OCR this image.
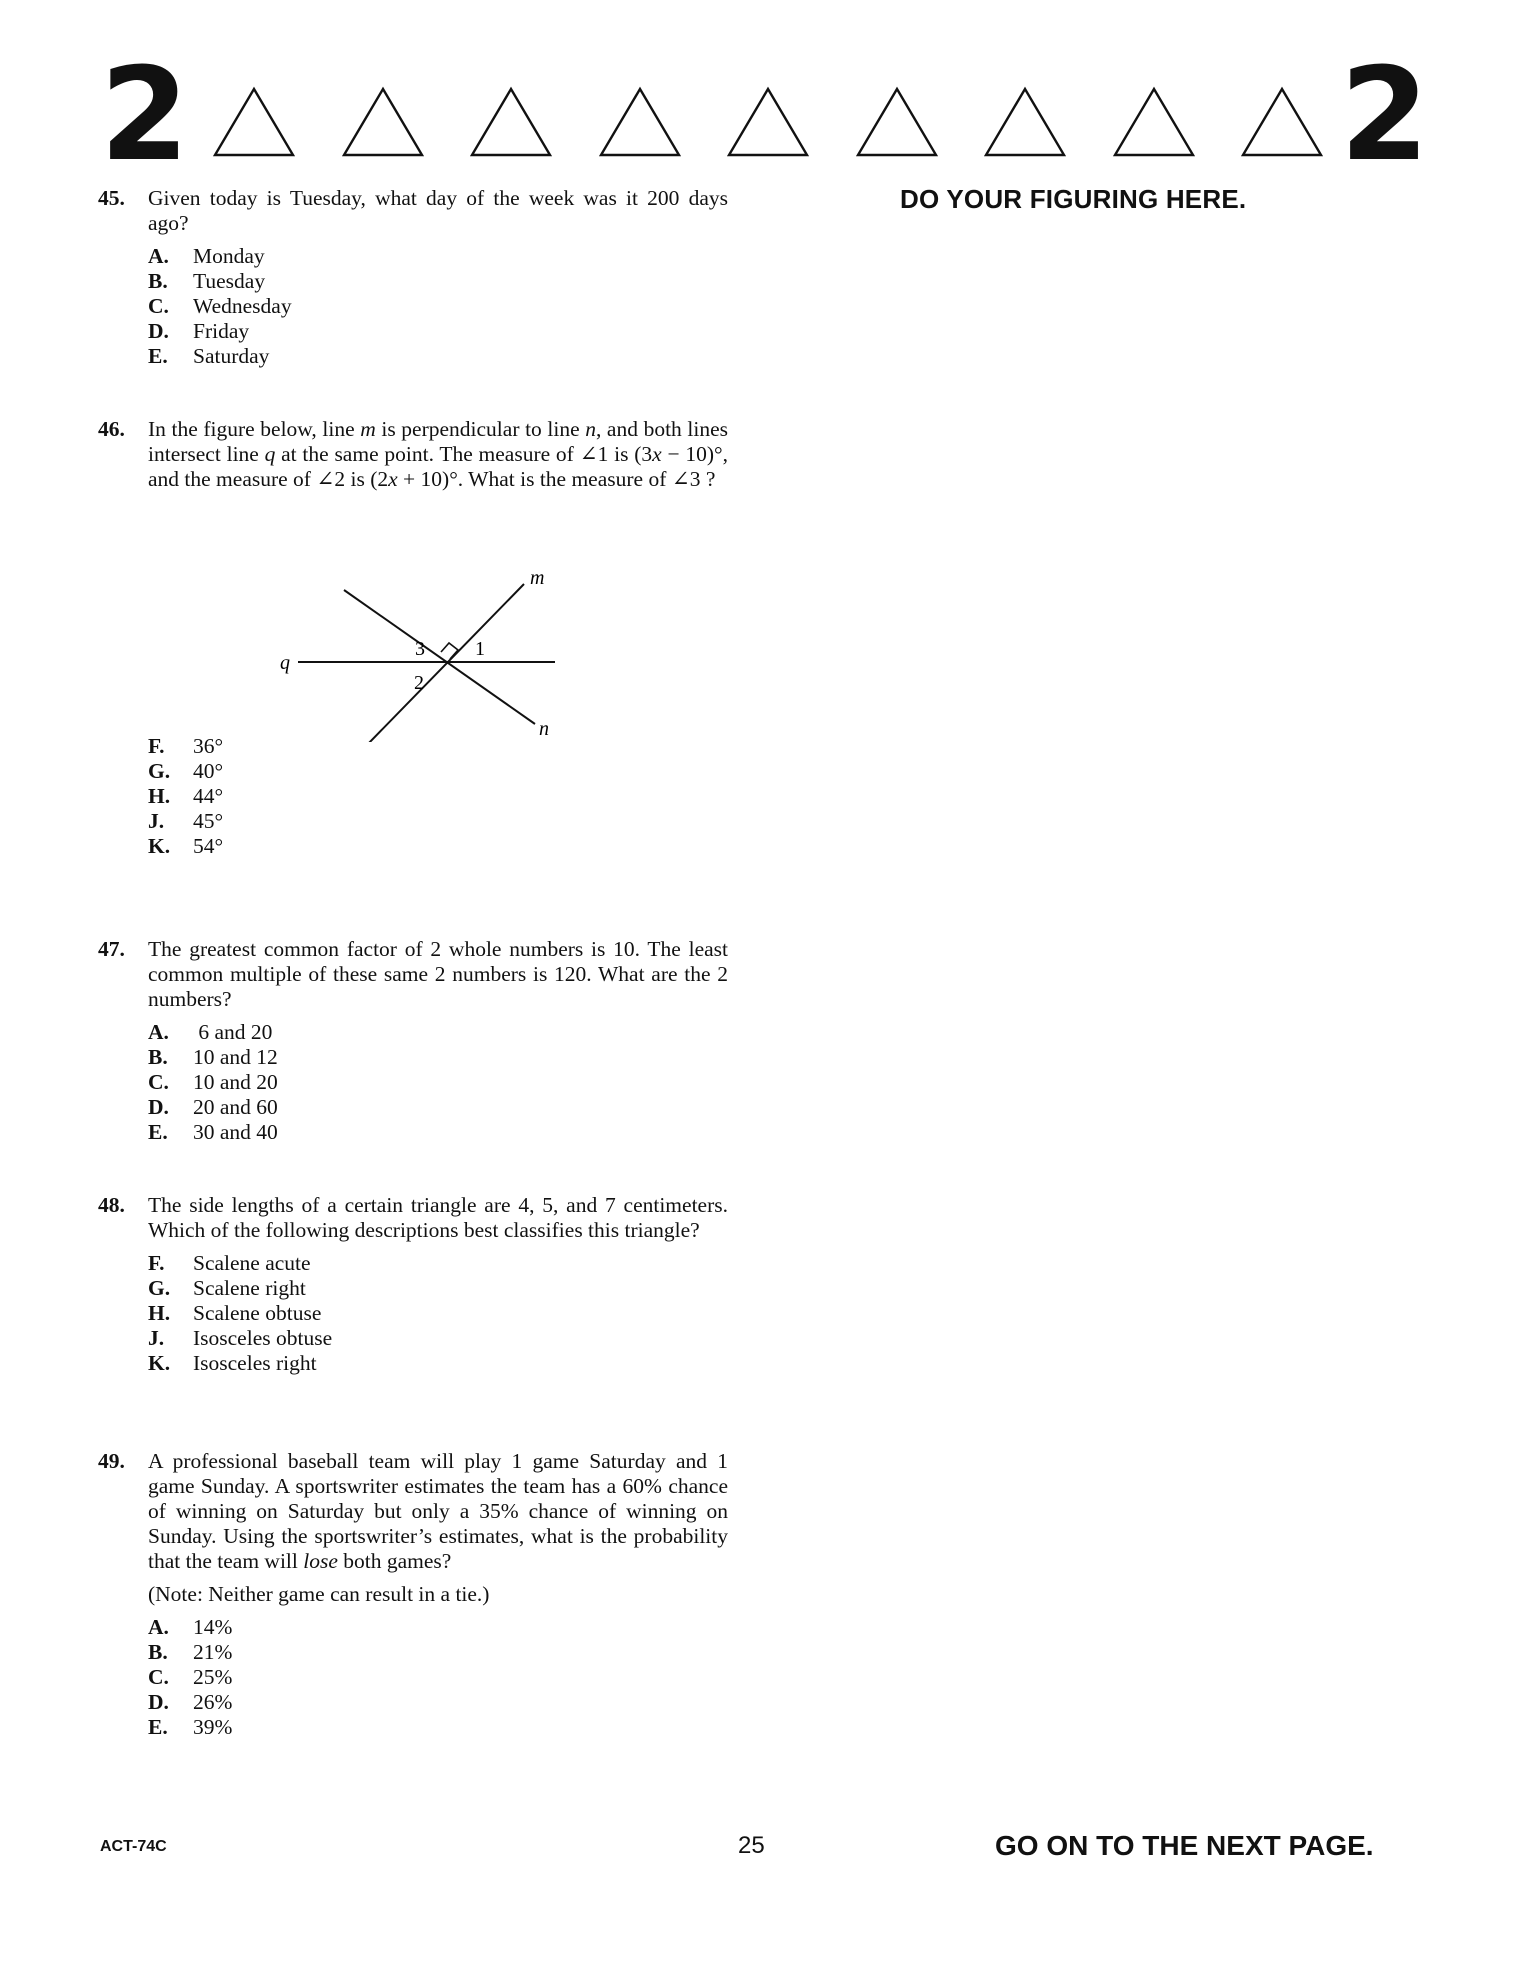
2	2
DO YOUR FIGURING HERE.
45. Given today is Tuesday, what day of the week was it 200 days ago?
A. Monday
B. Tuesday
C. Wednesday
D. Friday
E. Saturday
46. In the figure below, line m is perpendicular to line n, and both lines intersect line q at the same point. The measure of ∠1 is (3x − 10)°, and the measure of ∠2 is (2x + 10)°. What is the measure of ∠3 ?
m
n
q
1
2
3
F. 36°
G. 40°
H. 44°
J. 45°
K. 54°
47. The greatest common factor of 2 whole numbers is 10. The least common multiple of these same 2 numbers is 120. What are the 2 numbers?
A. 6 and 20
B. 10 and 12
C. 10 and 20
D. 20 and 60
E. 30 and 40
48. The side lengths of a certain triangle are 4, 5, and 7 centimeters. Which of the following descriptions best classifies this triangle?
F. Scalene acute
G. Scalene right
H. Scalene obtuse
J. Isosceles obtuse
K. Isosceles right
49. A professional baseball team will play 1 game Saturday and 1 game Sunday. A sportswriter estimates the team has a 60% chance of winning on Saturday but only a 35% chance of winning on Sunday. Using the sportswriter’s estimates, what is the probability that the team will lose both games?
(Note: Neither game can result in a tie.)
A. 14%
B. 21%
C. 25%
D. 26%
E. 39%
ACT-74C	25	GO ON TO THE NEXT PAGE.
